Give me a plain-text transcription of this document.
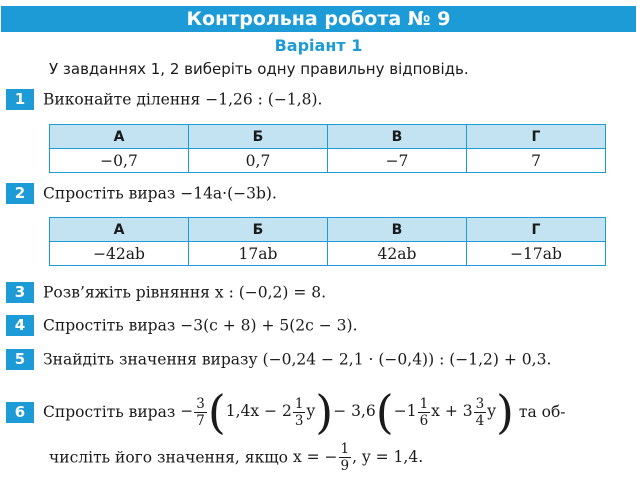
Контрольна робота № 9
Варіант 1
У завданнях 1, 2 виберіть одну правильну відповідь.
1 Виконайте ділення −1,26 : (−1,8).
А	Б	В	Г
−0,7	0,7	−7	7
2 Спростіть вираз −14a·(−3b).
А	Б	В	Г
−42ab	17ab	42ab	−17ab
3 Розв’яжіть рівняння x : (−0,2) = 8.
4 Спростіть вираз −3(c + 8) + 5(2c − 3).
5 Знайдіть значення виразу (−0,24 − 2,1 · (−0,4)) : (−1,2) + 0,3.
6 Спростіть вираз − $\frac{3}{7} (1,4x - 2 \frac{1}{3} y)- 3,6(-1 \frac{1}{6}$ $x + 3 \frac{3}{4} y$) та об-
числіть його значення, якщо x = − $\frac{1}{9}$ , y = 1,4.
